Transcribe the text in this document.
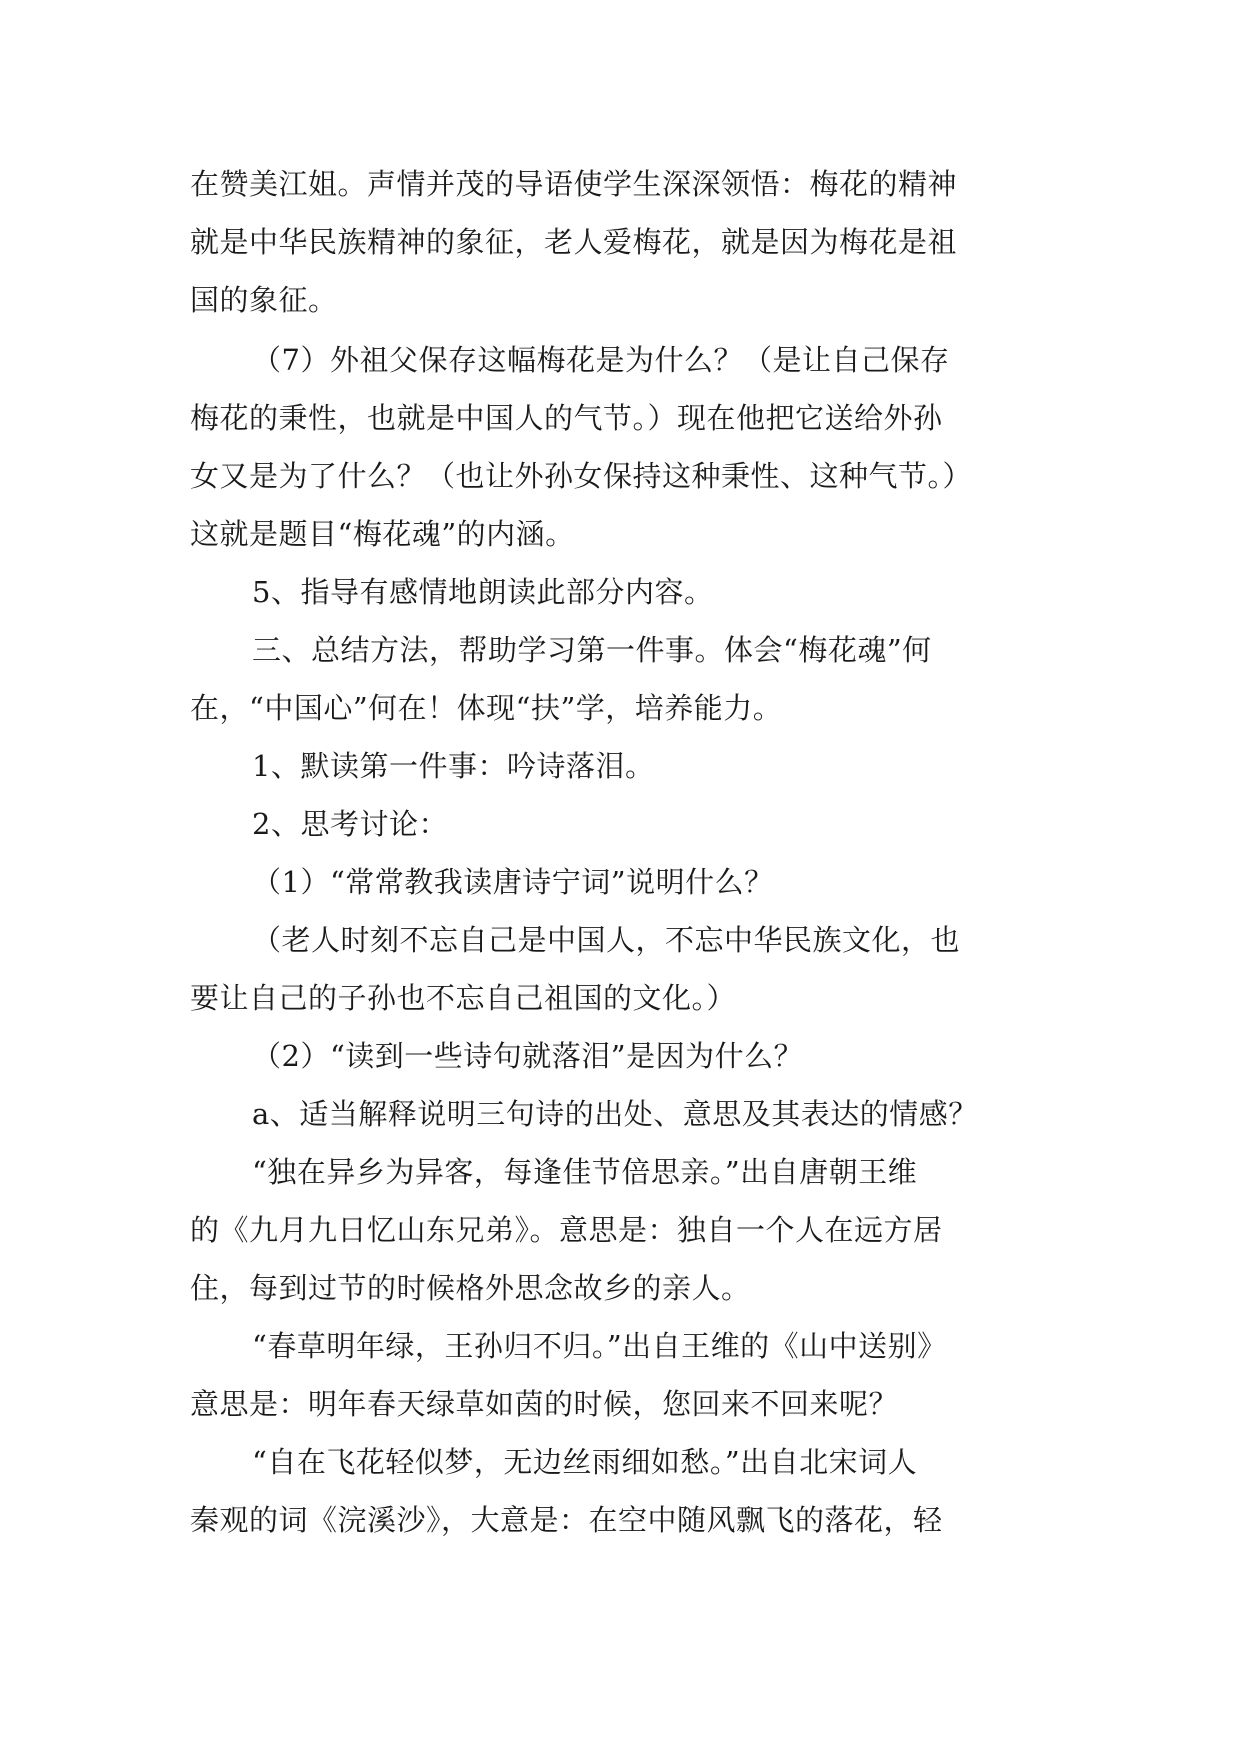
在赞美江姐。声情并茂的导语使学生深深领悟：梅花的精神
就是中华民族精神的象征，老人爱梅花，就是因为梅花是祖
国的象征。
（7）外祖父保存这幅梅花是为什么？（是让自己保存
梅花的秉性，也就是中国人的气节。）现在他把它送给外孙
女又是为了什么？（也让外孙女保持这种秉性、这种气节。）
这就是题目“梅花魂”的内涵。
5、指导有感情地朗读此部分内容。
三、总结方法，帮助学习第一件事。体会“梅花魂”何
在，“中国心”何在！体现“扶”学，培养能力。
1、默读第一件事：吟诗落泪。
2、思考讨论：
（1）“常常教我读唐诗宁词”说明什么？
（老人时刻不忘自己是中国人，不忘中华民族文化，也
要让自己的子孙也不忘自己祖国的文化。）
（2）“读到一些诗句就落泪”是因为什么？
a、适当解释说明三句诗的出处、意思及其表达的情感？
“独在异乡为异客，每逢佳节倍思亲。”出自唐朝王维
的《九月九日忆山东兄弟》。意思是：独自一个人在远方居
住，每到过节的时候格外思念故乡的亲人。
“春草明年绿，王孙归不归。”出自王维的《山中送别》
意思是：明年春天绿草如茵的时候，您回来不回来呢？
“自在飞花轻似梦，无边丝雨细如愁。”出自北宋词人
秦观的词《浣溪沙》，大意是：在空中随风飘飞的落花，轻
